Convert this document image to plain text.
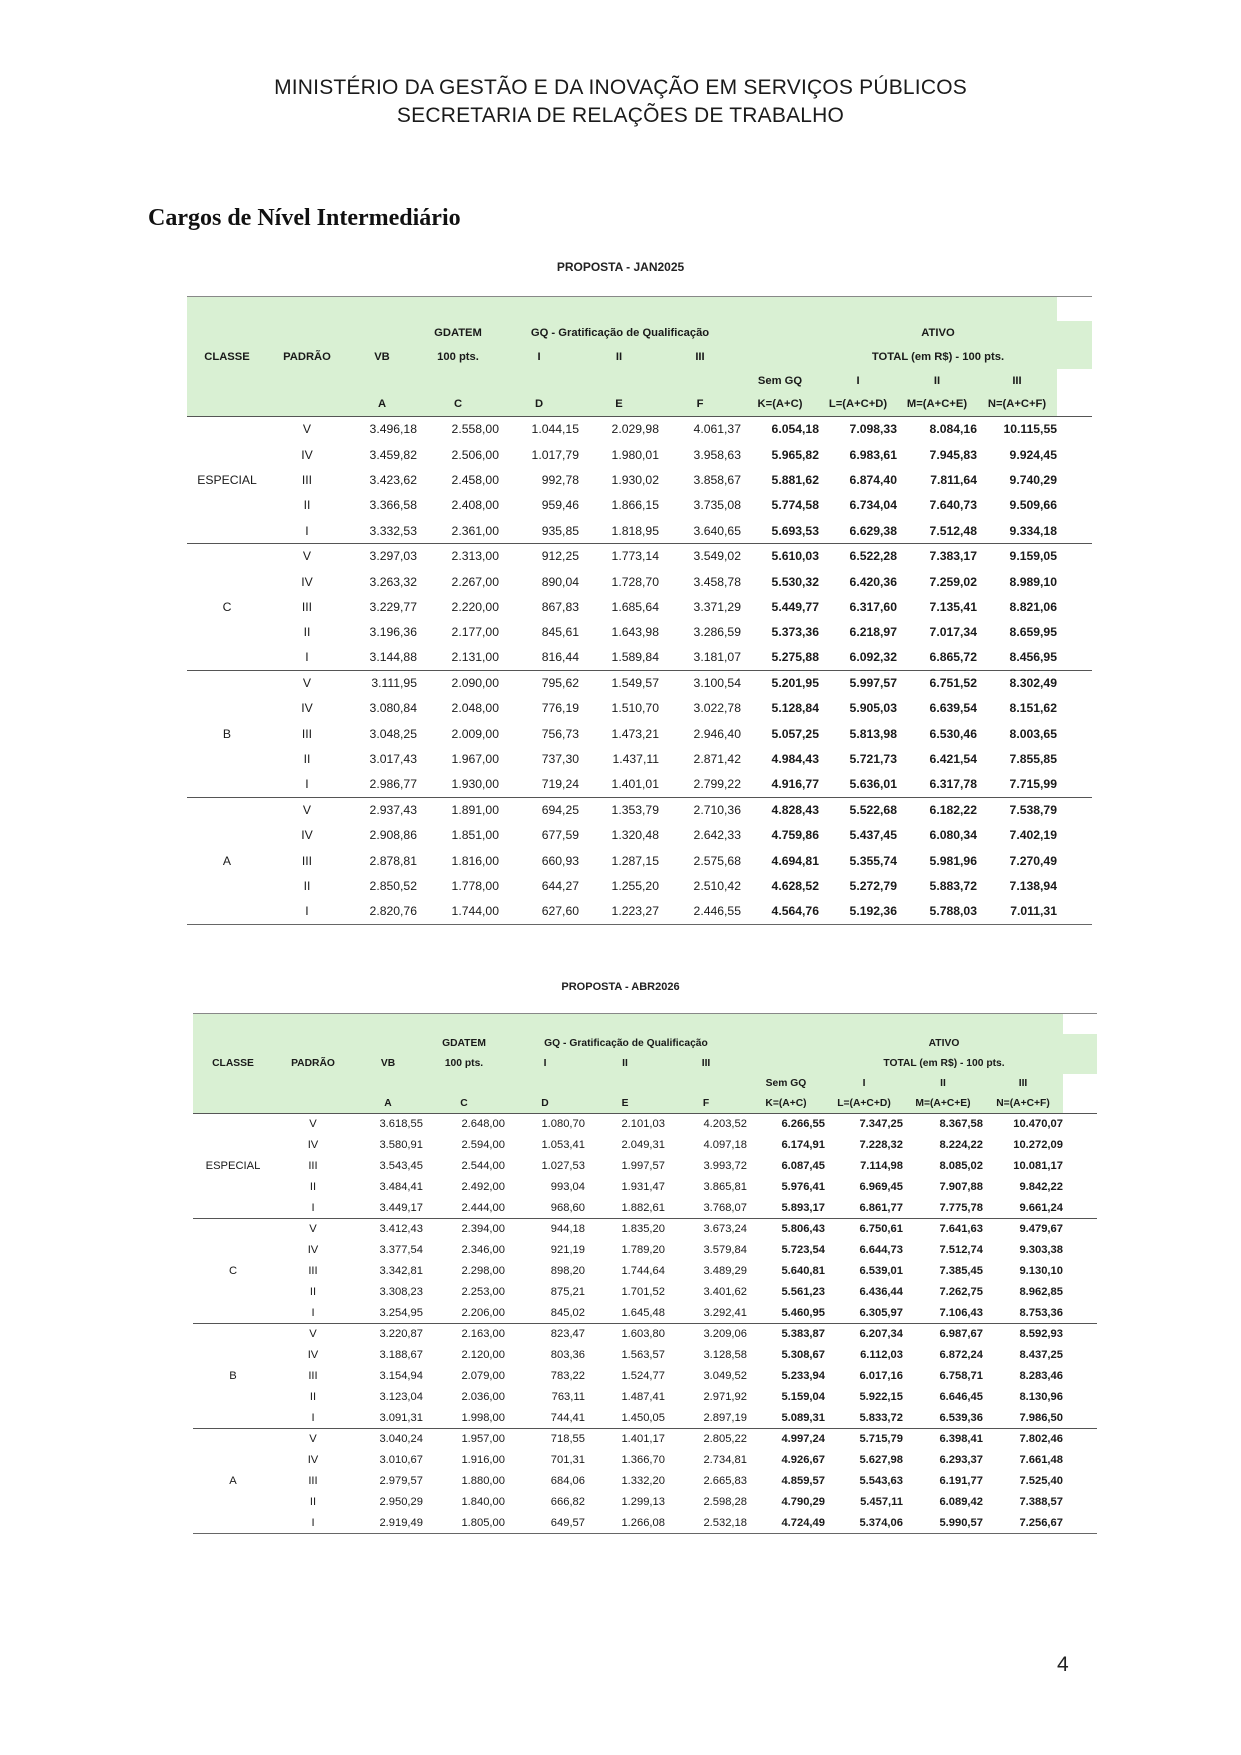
MINISTÉRIO DA GESTÃO E DA INOVAÇÃO EM SERVIÇOS PÚBLICOS
SECRETARIA DE RELAÇÕES DE TRABALHO
Cargos de Nível Intermediário
PROPOSTA - JAN2025

			GDATEM	GQ - Gratificação de Qualificação				ATIVO			
CLASSE	PADRÃO	VB	100 pts.	I	II	III		TOTAL (em R$) - 100 pts.			
							Sem GQ	I	II	III	
		A	C	D	E	F	K=(A+C)	L=(A+C+D)	M=(A+C+E)	N=(A+C+F)	
ESPECIAL	V	3.496,18	2.558,00	1.044,15	2.029,98	4.061,37	6.054,18	7.098,33	8.084,16	10.115,55	
	IV	3.459,82	2.506,00	1.017,79	1.980,01	3.958,63	5.965,82	6.983,61	7.945,83	9.924,45	
	III	3.423,62	2.458,00	992,78	1.930,02	3.858,67	5.881,62	6.874,40	7.811,64	9.740,29	
	II	3.366,58	2.408,00	959,46	1.866,15	3.735,08	5.774,58	6.734,04	7.640,73	9.509,66	
	I	3.332,53	2.361,00	935,85	1.818,95	3.640,65	5.693,53	6.629,38	7.512,48	9.334,18	
C	V	3.297,03	2.313,00	912,25	1.773,14	3.549,02	5.610,03	6.522,28	7.383,17	9.159,05	
	IV	3.263,32	2.267,00	890,04	1.728,70	3.458,78	5.530,32	6.420,36	7.259,02	8.989,10	
	III	3.229,77	2.220,00	867,83	1.685,64	3.371,29	5.449,77	6.317,60	7.135,41	8.821,06	
	II	3.196,36	2.177,00	845,61	1.643,98	3.286,59	5.373,36	6.218,97	7.017,34	8.659,95	
	I	3.144,88	2.131,00	816,44	1.589,84	3.181,07	5.275,88	6.092,32	6.865,72	8.456,95	
B	V	3.111,95	2.090,00	795,62	1.549,57	3.100,54	5.201,95	5.997,57	6.751,52	8.302,49	
	IV	3.080,84	2.048,00	776,19	1.510,70	3.022,78	5.128,84	5.905,03	6.639,54	8.151,62	
	III	3.048,25	2.009,00	756,73	1.473,21	2.946,40	5.057,25	5.813,98	6.530,46	8.003,65	
	II	3.017,43	1.967,00	737,30	1.437,11	2.871,42	4.984,43	5.721,73	6.421,54	7.855,85	
	I	2.986,77	1.930,00	719,24	1.401,01	2.799,22	4.916,77	5.636,01	6.317,78	7.715,99	
A	V	2.937,43	1.891,00	694,25	1.353,79	2.710,36	4.828,43	5.522,68	6.182,22	7.538,79	
	IV	2.908,86	1.851,00	677,59	1.320,48	2.642,33	4.759,86	5.437,45	6.080,34	7.402,19	
	III	2.878,81	1.816,00	660,93	1.287,15	2.575,68	4.694,81	5.355,74	5.981,96	7.270,49	
	II	2.850,52	1.778,00	644,27	1.255,20	2.510,42	4.628,52	5.272,79	5.883,72	7.138,94	
	I	2.820,76	1.744,00	627,60	1.223,27	2.446,55	4.564,76	5.192,36	5.788,03	7.011,31	
PROPOSTA - ABR2026

			GDATEM	GQ - Gratificação de Qualificação				ATIVO			
CLASSE	PADRÃO	VB	100 pts.	I	II	III		TOTAL (em R$) - 100 pts.			
							Sem GQ	I	II	III	
		A	C	D	E	F	K=(A+C)	L=(A+C+D)	M=(A+C+E)	N=(A+C+F)	
ESPECIAL	V	3.618,55	2.648,00	1.080,70	2.101,03	4.203,52	6.266,55	7.347,25	8.367,58	10.470,07	
	IV	3.580,91	2.594,00	1.053,41	2.049,31	4.097,18	6.174,91	7.228,32	8.224,22	10.272,09	
	III	3.543,45	2.544,00	1.027,53	1.997,57	3.993,72	6.087,45	7.114,98	8.085,02	10.081,17	
	II	3.484,41	2.492,00	993,04	1.931,47	3.865,81	5.976,41	6.969,45	7.907,88	9.842,22	
	I	3.449,17	2.444,00	968,60	1.882,61	3.768,07	5.893,17	6.861,77	7.775,78	9.661,24	
C	V	3.412,43	2.394,00	944,18	1.835,20	3.673,24	5.806,43	6.750,61	7.641,63	9.479,67	
	IV	3.377,54	2.346,00	921,19	1.789,20	3.579,84	5.723,54	6.644,73	7.512,74	9.303,38	
	III	3.342,81	2.298,00	898,20	1.744,64	3.489,29	5.640,81	6.539,01	7.385,45	9.130,10	
	II	3.308,23	2.253,00	875,21	1.701,52	3.401,62	5.561,23	6.436,44	7.262,75	8.962,85	
	I	3.254,95	2.206,00	845,02	1.645,48	3.292,41	5.460,95	6.305,97	7.106,43	8.753,36	
B	V	3.220,87	2.163,00	823,47	1.603,80	3.209,06	5.383,87	6.207,34	6.987,67	8.592,93	
	IV	3.188,67	2.120,00	803,36	1.563,57	3.128,58	5.308,67	6.112,03	6.872,24	8.437,25	
	III	3.154,94	2.079,00	783,22	1.524,77	3.049,52	5.233,94	6.017,16	6.758,71	8.283,46	
	II	3.123,04	2.036,00	763,11	1.487,41	2.971,92	5.159,04	5.922,15	6.646,45	8.130,96	
	I	3.091,31	1.998,00	744,41	1.450,05	2.897,19	5.089,31	5.833,72	6.539,36	7.986,50	
A	V	3.040,24	1.957,00	718,55	1.401,17	2.805,22	4.997,24	5.715,79	6.398,41	7.802,46	
	IV	3.010,67	1.916,00	701,31	1.366,70	2.734,81	4.926,67	5.627,98	6.293,37	7.661,48	
	III	2.979,57	1.880,00	684,06	1.332,20	2.665,83	4.859,57	5.543,63	6.191,77	7.525,40	
	II	2.950,29	1.840,00	666,82	1.299,13	2.598,28	4.790,29	5.457,11	6.089,42	7.388,57	
	I	2.919,49	1.805,00	649,57	1.266,08	2.532,18	4.724,49	5.374,06	5.990,57	7.256,67	
4
